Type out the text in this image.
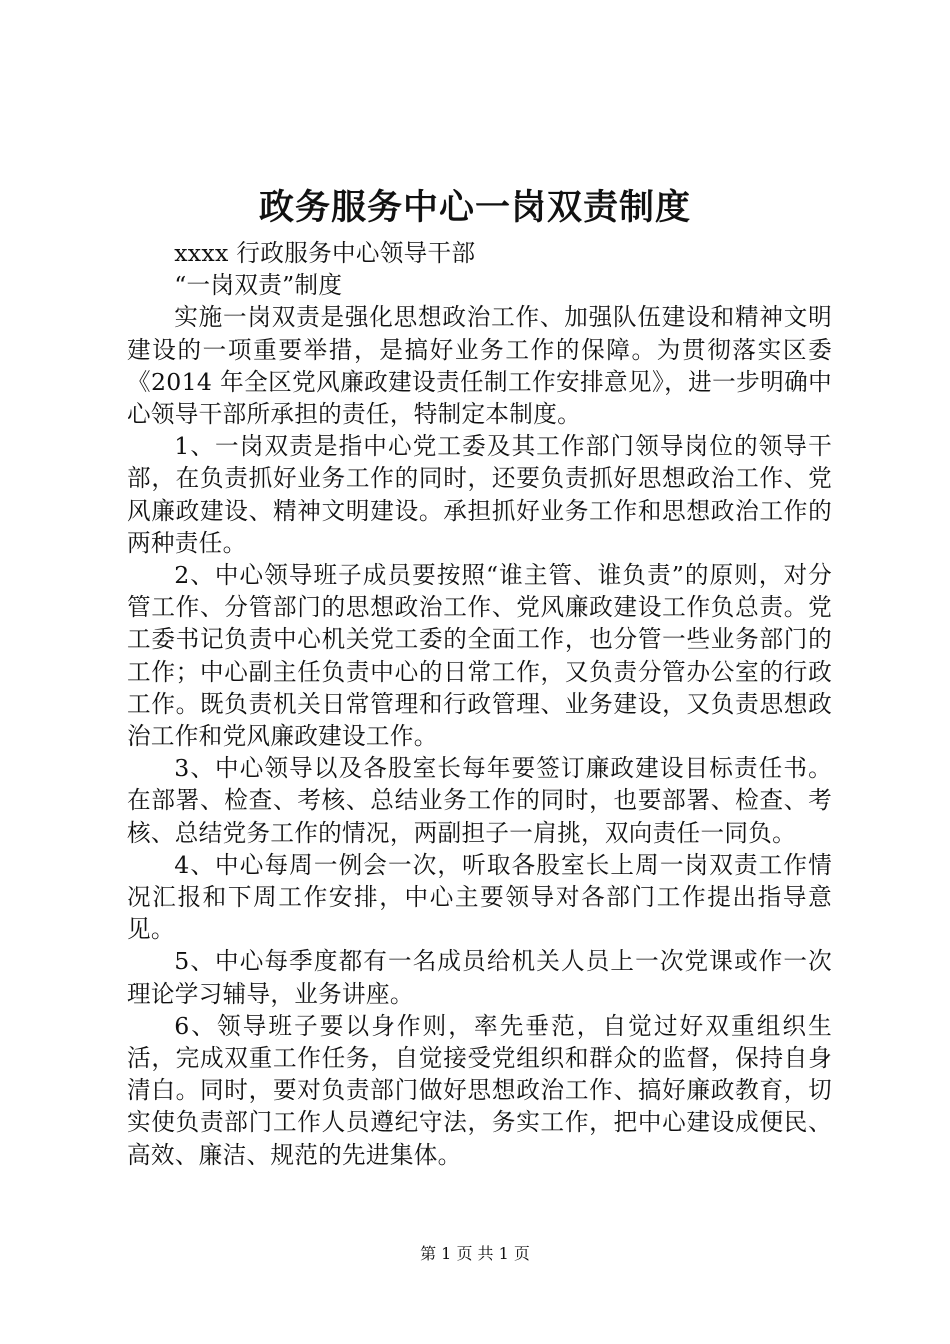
政务服务中心一岗双责制度

xxxx 行政服务中心领导干部

“一岗双责”制度

实施一岗双责是强化思想政治工作、加强队伍建设和精神文明建设的一项重要举措，是搞好业务工作的保障。为贯彻落实区委《2014 年全区党风廉政建设责任制工作安排意见》，进一步明确中心领导干部所承担的责任，特制定本制度。

1、一岗双责是指中心党工委及其工作部门领导岗位的领导干部，在负责抓好业务工作的同时，还要负责抓好思想政治工作、党风廉政建设、精神文明建设。承担抓好业务工作和思想政治工作的两种责任。

2、中心领导班子成员要按照“谁主管、谁负责”的原则，对分管工作、分管部门的思想政治工作、党风廉政建设工作负总责。党工委书记负责中心机关党工委的全面工作，也分管一些业务部门的工作；中心副主任负责中心的日常工作，又负责分管办公室的行政工作。既负责机关日常管理和行政管理、业务建设，又负责思想政治工作和党风廉政建设工作。

3、中心领导以及各股室长每年要签订廉政建设目标责任书。在部署、检查、考核、总结业务工作的同时，也要部署、检查、考核、总结党务工作的情况，两副担子一肩挑，双向责任一同负。

4、中心每周一例会一次，听取各股室长上周一岗双责工作情况汇报和下周工作安排，中心主要领导对各部门工作提出指导意见。

5、中心每季度都有一名成员给机关人员上一次党课或作一次理论学习辅导，业务讲座。

6、领导班子要以身作则，率先垂范，自觉过好双重组织生活，完成双重工作任务，自觉接受党组织和群众的监督，保持自身清白。同时，要对负责部门做好思想政治工作、搞好廉政教育，切实使负责部门工作人员遵纪守法，务实工作，把中心建设成便民、高效、廉洁、规范的先进集体。

第 1 页 共 1 页
